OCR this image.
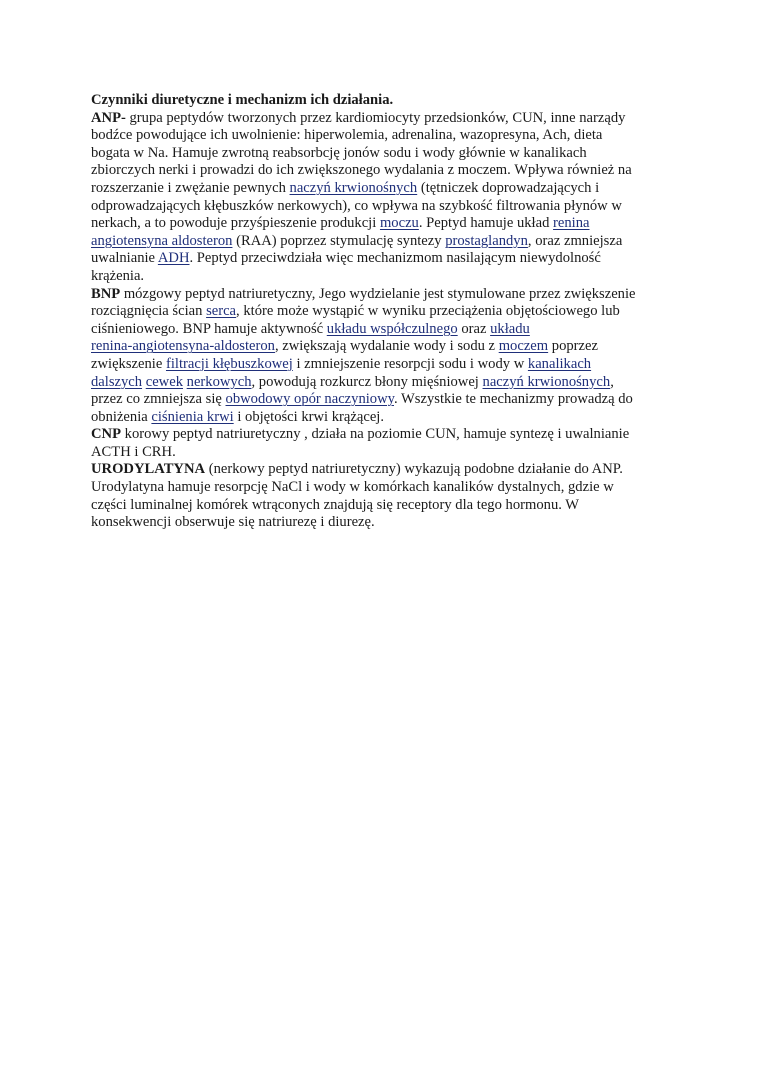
Czynniki diuretyczne i mechanizm ich działania.
ANP- grupa peptydów tworzonych przez kardiomiocyty przedsionków, CUN, inne narządy
bodźce powodujące ich uwolnienie: hiperwolemia, adrenalina, wazopresyna, Ach, dieta
bogata w Na. Hamuje zwrotną reabsorbcję jonów sodu i wody głównie w kanalikach
zbiorczych nerki i prowadzi do ich zwiększonego wydalania z moczem. Wpływa również na
rozszerzanie i zwężanie pewnych naczyń krwionośnych (tętniczek doprowadzających i
odprowadzających kłębuszków nerkowych), co wpływa na szybkość filtrowania płynów w
nerkach, a to powoduje przyśpieszenie produkcji moczu. Peptyd hamuje układ renina
angiotensyna aldosteron (RAA) poprzez stymulację syntezy prostaglandyn, oraz zmniejsza
uwalnianie ADH. Peptyd przeciwdziała więc mechanizmom nasilającym niewydolność
krążenia.
BNP mózgowy peptyd natriuretyczny, Jego wydzielanie jest stymulowane przez zwiększenie
rozciągnięcia ścian serca, które może wystąpić w wyniku przeciążenia objętościowego lub
ciśnieniowego. BNP hamuje aktywność układu współczulnego oraz układu
renina-angiotensyna-aldosteron, zwiększają wydalanie wody i sodu z moczem poprzez
zwiększenie filtracji kłębuszkowej i zmniejszenie resorpcji sodu i wody w kanalikach
dalszych cewek nerkowych, powodują rozkurcz błony mięśniowej naczyń krwionośnych,
przez co zmniejsza się obwodowy opór naczyniowy. Wszystkie te mechanizmy prowadzą do
obniżenia ciśnienia krwi i objętości krwi krążącej.
CNP korowy peptyd natriuretyczny , działa na poziomie CUN, hamuje syntezę i uwalnianie
ACTH i CRH.
URODYLATYNA (nerkowy peptyd natriuretyczny) wykazują podobne działanie do ANP.
Urodylatyna hamuje resorpcję NaCl i wody w komórkach kanalików dystalnych, gdzie w
części luminalnej komórek wtrąconych znajdują się receptory dla tego hormonu. W
konsekwencji obserwuje się natriurezę i diurezę.
